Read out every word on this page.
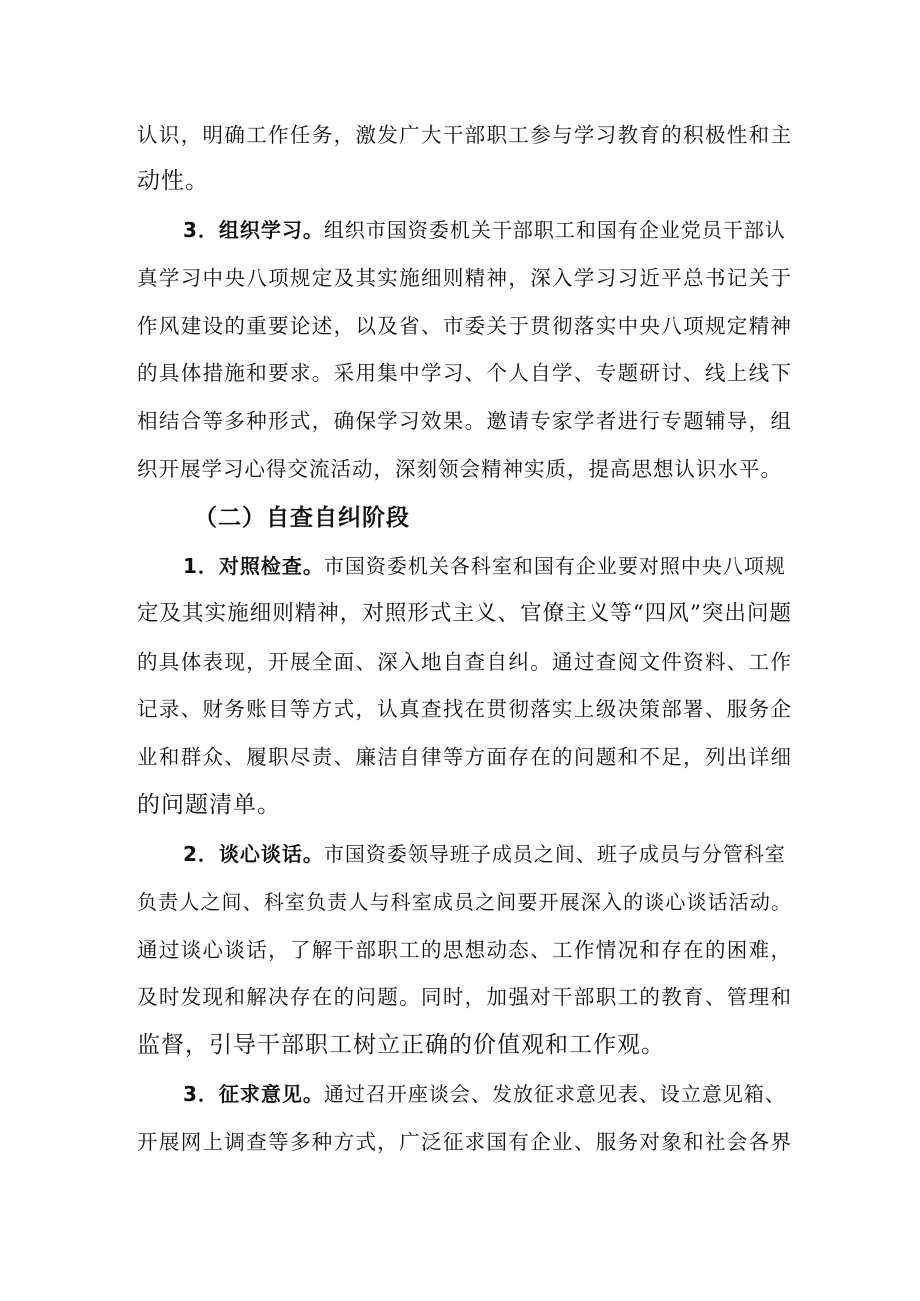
认识，明确工作任务，激发广大干部职工参与学习教育的积极性和主
动性。
3．组织学习。组织市国资委机关干部职工和国有企业党员干部认
真学习中央八项规定及其实施细则精神，深入学习习近平总书记关于
作风建设的重要论述，以及省、市委关于贯彻落实中央八项规定精神
的具体措施和要求。采用集中学习、个人自学、专题研讨、线上线下
相结合等多种形式，确保学习效果。邀请专家学者进行专题辅导，组
织开展学习心得交流活动，深刻领会精神实质，提高思想认识水平。
（二）自查自纠阶段
1．对照检查。市国资委机关各科室和国有企业要对照中央八项规
定及其实施细则精神，对照形式主义、官僚主义等“四风”突出问题
的具体表现，开展全面、深入地自查自纠。通过查阅文件资料、工作
记录、财务账目等方式，认真查找在贯彻落实上级决策部署、服务企
业和群众、履职尽责、廉洁自律等方面存在的问题和不足，列出详细
的问题清单。
2．谈心谈话。市国资委领导班子成员之间、班子成员与分管科室
负责人之间、科室负责人与科室成员之间要开展深入的谈心谈话活动。
通过谈心谈话，了解干部职工的思想动态、工作情况和存在的困难，
及时发现和解决存在的问题。同时，加强对干部职工的教育、管理和
监督，引导干部职工树立正确的价值观和工作观。
3．征求意见。通过召开座谈会、发放征求意见表、设立意见箱、
开展网上调查等多种方式，广泛征求国有企业、服务对象和社会各界
